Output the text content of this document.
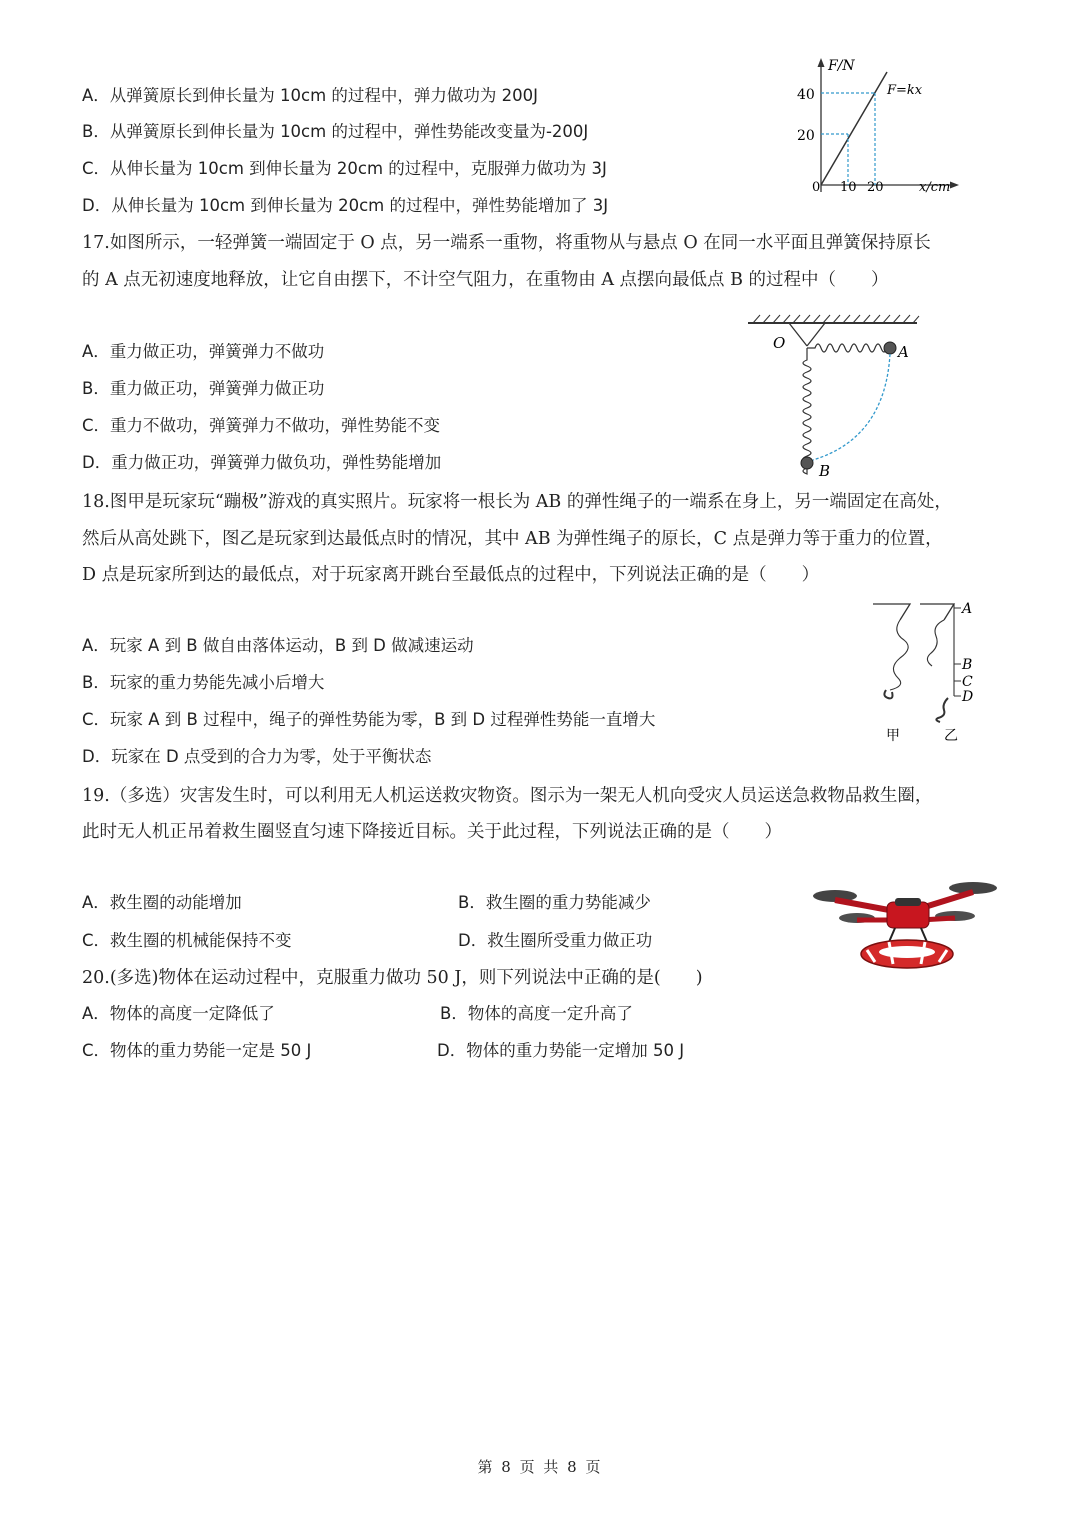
A．从弹簧原长到伸长量为 10cm 的过程中，弹力做功为 200J
B．从弹簧原长到伸长量为 10cm 的过程中，弹性势能改变量为-200J
C．从伸长量为 10cm 到伸长量为 20cm 的过程中，克服弹力做功为 3J
D．从伸长量为 10cm 到伸长量为 20cm 的过程中，弹性势能增加了 3J
F/N
40
20
0 10 20	x/cm
F=kx
17.如图所示，一轻弹簧一端固定于 O 点，另一端系一重物，将重物从与悬点 O 在同一水平面且弹簧保持原长
的 A 点无初速度地释放，让它自由摆下，不计空气阻力，在重物由 A 点摆向最低点 B 的过程中（　　）
A．重力做正功，弹簧弹力不做功
B．重力做正功，弹簧弹力做正功
C．重力不做功，弹簧弹力不做功，弹性势能不变
D．重力做正功，弹簧弹力做负功，弹性势能增加
O	A
B
18.图甲是玩家玩“蹦极”游戏的真实照片。玩家将一根长为 AB 的弹性绳子的一端系在身上，另一端固定在高处，
然后从高处跳下，图乙是玩家到达最低点时的情况，其中 AB 为弹性绳子的原长，C 点是弹力等于重力的位置，
D 点是玩家所到达的最低点，对于玩家离开跳台至最低点的过程中，下列说法正确的是（　　）
A．玩家 A 到 B 做自由落体运动，B 到 D 做减速运动
B．玩家的重力势能先减小后增大
C．玩家 A 到 B 过程中，绳子的弹性势能为零，B 到 D 过程弹性势能一直增大
D．玩家在 D 点受到的合力为零，处于平衡状态
甲
A
B
C
D
乙
19.（多选）灾害发生时，可以利用无人机运送救灾物资。图示为一架无人机向受灾人员运送急救物品救生圈，
此时无人机正吊着救生圈竖直匀速下降接近目标。关于此过程，下列说法正确的是（　　）
A．救生圈的动能增加	B．救生圈的重力势能减少
C．救生圈的机械能保持不变	D．救生圈所受重力做正功
20.(多选)物体在运动过程中，克服重力做功 50 J，则下列说法中正确的是(　　)
A．物体的高度一定降低了	B．物体的高度一定升高了
C．物体的重力势能一定是 50 J	D．物体的重力势能一定增加 50 J
第 8 页 共 8 页
